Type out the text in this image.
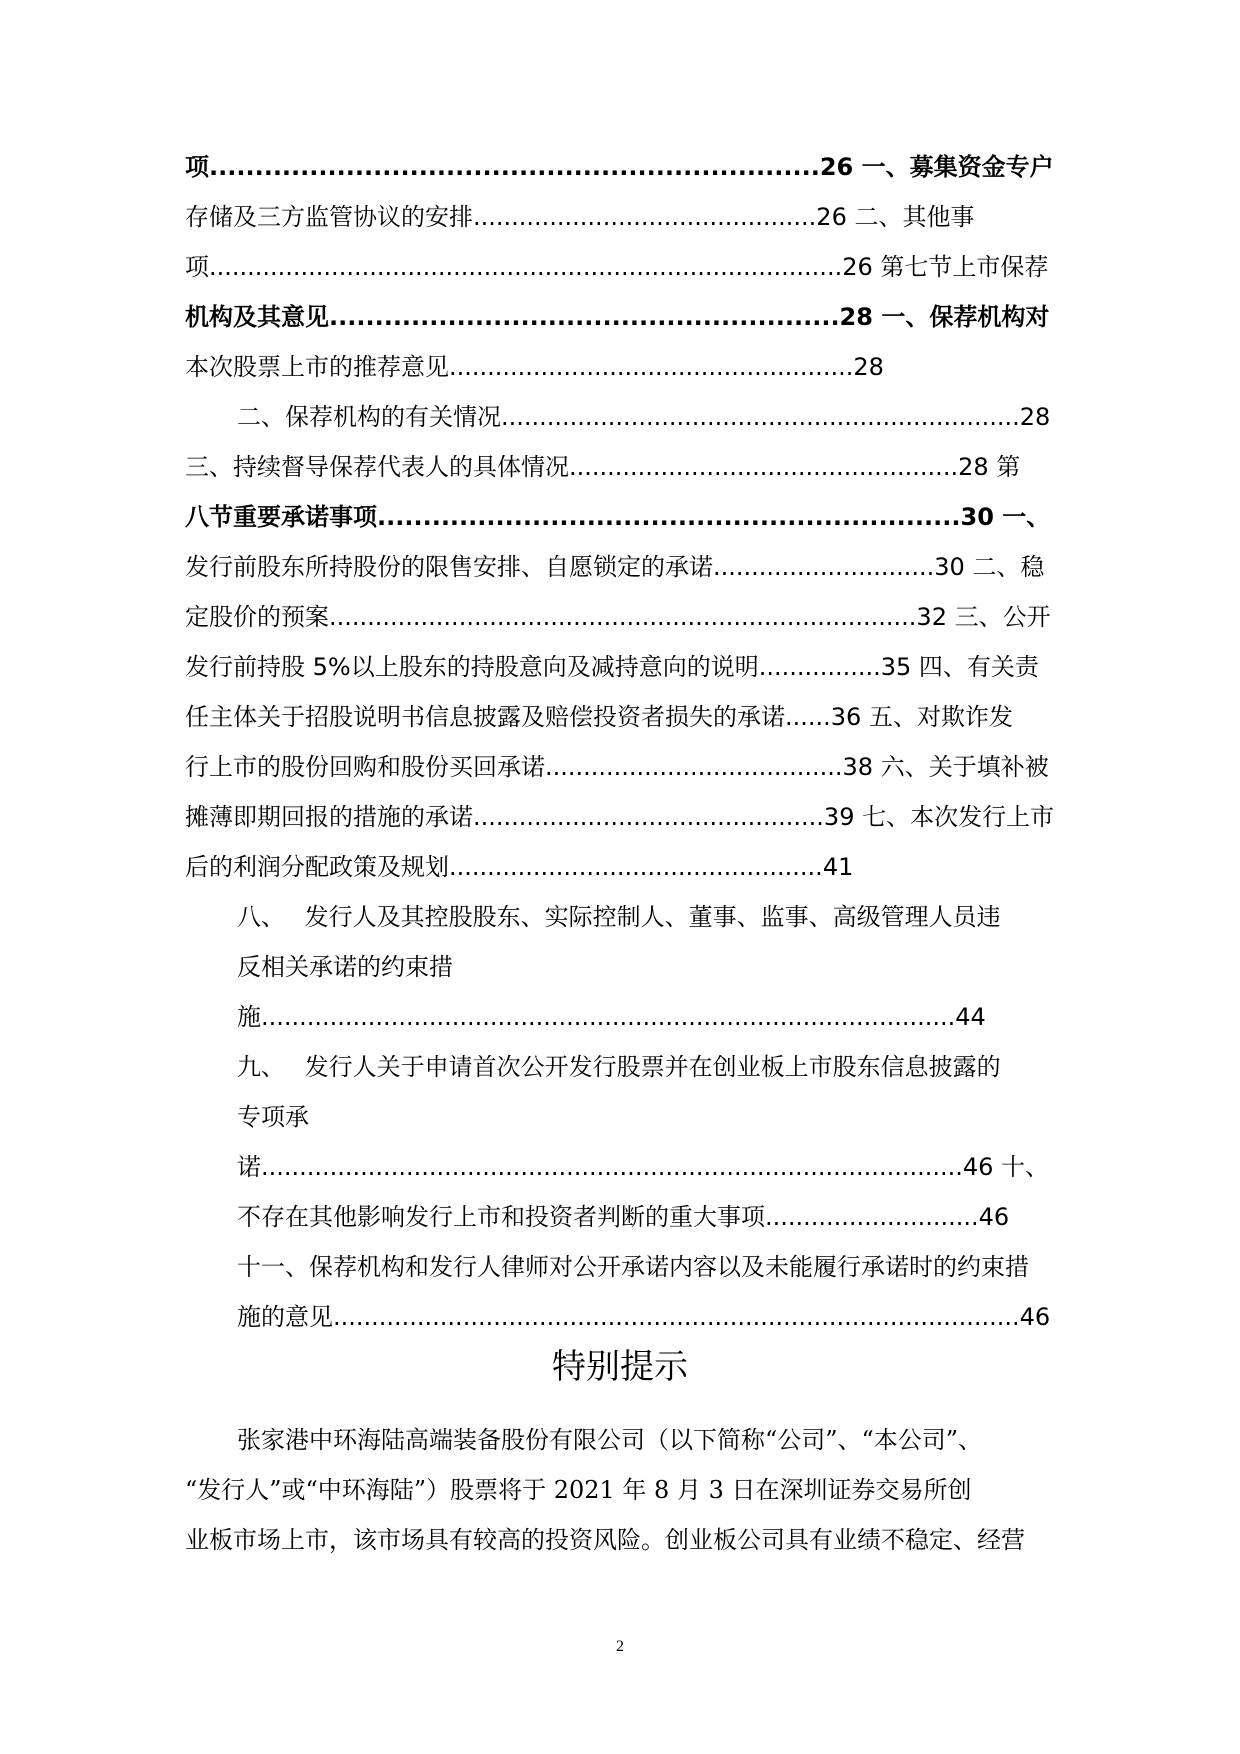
项...................................................................26 一、募集资金专户
存储及三方监管协议的安排.............................................26 二、其他事
项...................................................................................26 第七节上市保荐
机构及其意见........................................................28 一、保荐机构对
本次股票上市的推荐意见.....................................................28
二、保荐机构的有关情况....................................................................28
三、持续督导保荐代表人的具体情况...................................................28 第
八节重要承诺事项................................................................30 一、
发行前股东所持股份的限售安排、自愿锁定的承诺.............................30 二、稳
定股价的预案.............................................................................32 三、公开
发行前持股 5%以上股东的持股意向及减持意向的说明................35 四、有关责
任主体关于招股说明书信息披露及赔偿投资者损失的承诺......36 五、对欺诈发
行上市的股份回购和股份买回承诺.......................................38 六、关于填补被
摊薄即期回报的措施的承诺..............................................39 七、本次发行上市
后的利润分配政策及规划.................................................41
八、　 发行人及其控股股东、实际控制人、董事、监事、高级管理人员违
反相关承诺的约束措
施...........................................................................................44
九、　 发行人关于申请首次公开发行股票并在创业板上市股东信息披露的
专项承
诺............................................................................................46 十、
不存在其他影响发行上市和投资者判断的重大事项............................46
十一、保荐机构和发行人律师对公开承诺内容以及未能履行承诺时的约束措
施的意见..........................................................................................46
特别提示
张家港中环海陆高端装备股份有限公司（以下简称“公司”、“本公司”、
“发行人”或“中环海陆”）股票将于 2021 年 8 月 3 日在深圳证券交易所创
业板市场上市，该市场具有较高的投资风险。创业板公司具有业绩不稳定、经营
2
